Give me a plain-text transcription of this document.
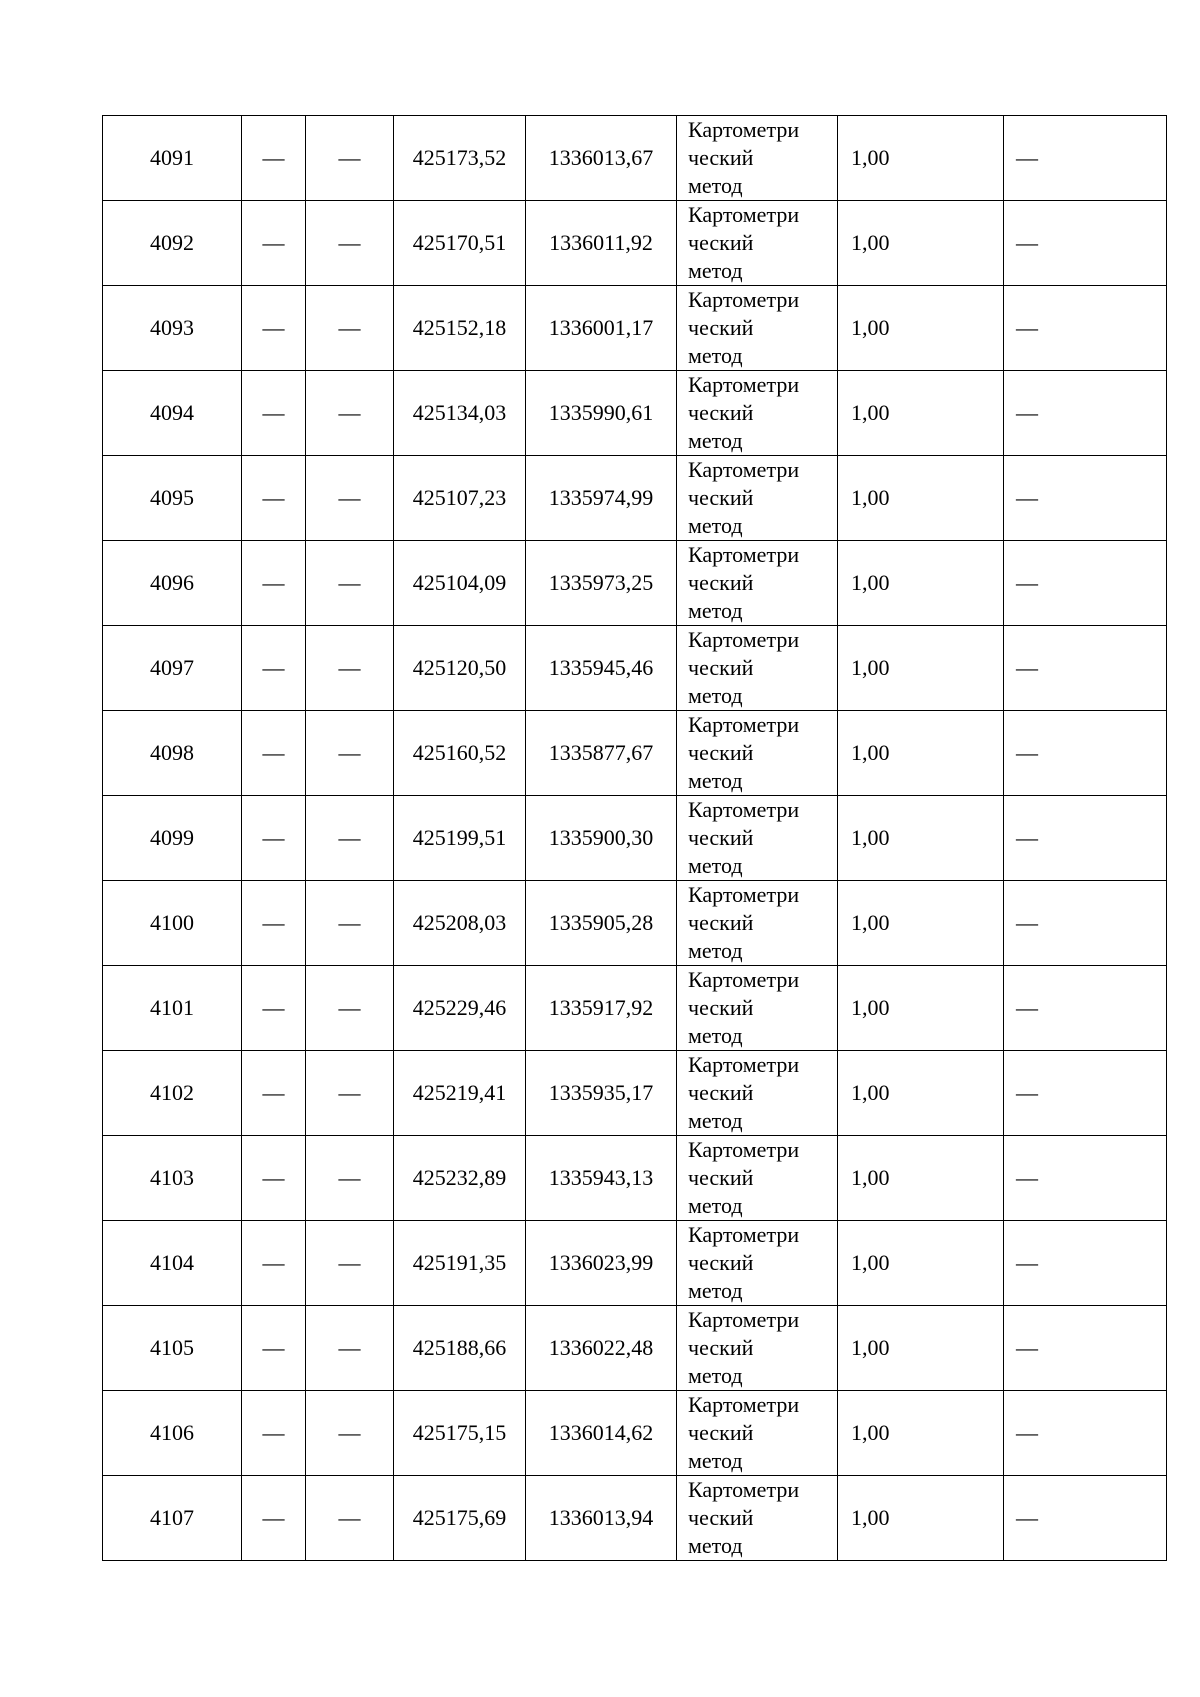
4091	—	—	425173,52	1336013,67	Картометри
ческий
метод	1,00	—
4092	—	—	425170,51	1336011,92	Картометри
ческий
метод	1,00	—
4093	—	—	425152,18	1336001,17	Картометри
ческий
метод	1,00	—
4094	—	—	425134,03	1335990,61	Картометри
ческий
метод	1,00	—
4095	—	—	425107,23	1335974,99	Картометри
ческий
метод	1,00	—
4096	—	—	425104,09	1335973,25	Картометри
ческий
метод	1,00	—
4097	—	—	425120,50	1335945,46	Картометри
ческий
метод	1,00	—
4098	—	—	425160,52	1335877,67	Картометри
ческий
метод	1,00	—
4099	—	—	425199,51	1335900,30	Картометри
ческий
метод	1,00	—
4100	—	—	425208,03	1335905,28	Картометри
ческий
метод	1,00	—
4101	—	—	425229,46	1335917,92	Картометри
ческий
метод	1,00	—
4102	—	—	425219,41	1335935,17	Картометри
ческий
метод	1,00	—
4103	—	—	425232,89	1335943,13	Картометри
ческий
метод	1,00	—
4104	—	—	425191,35	1336023,99	Картометри
ческий
метод	1,00	—
4105	—	—	425188,66	1336022,48	Картометри
ческий
метод	1,00	—
4106	—	—	425175,15	1336014,62	Картометри
ческий
метод	1,00	—
4107	—	—	425175,69	1336013,94	Картометри
ческий
метод	1,00	—
